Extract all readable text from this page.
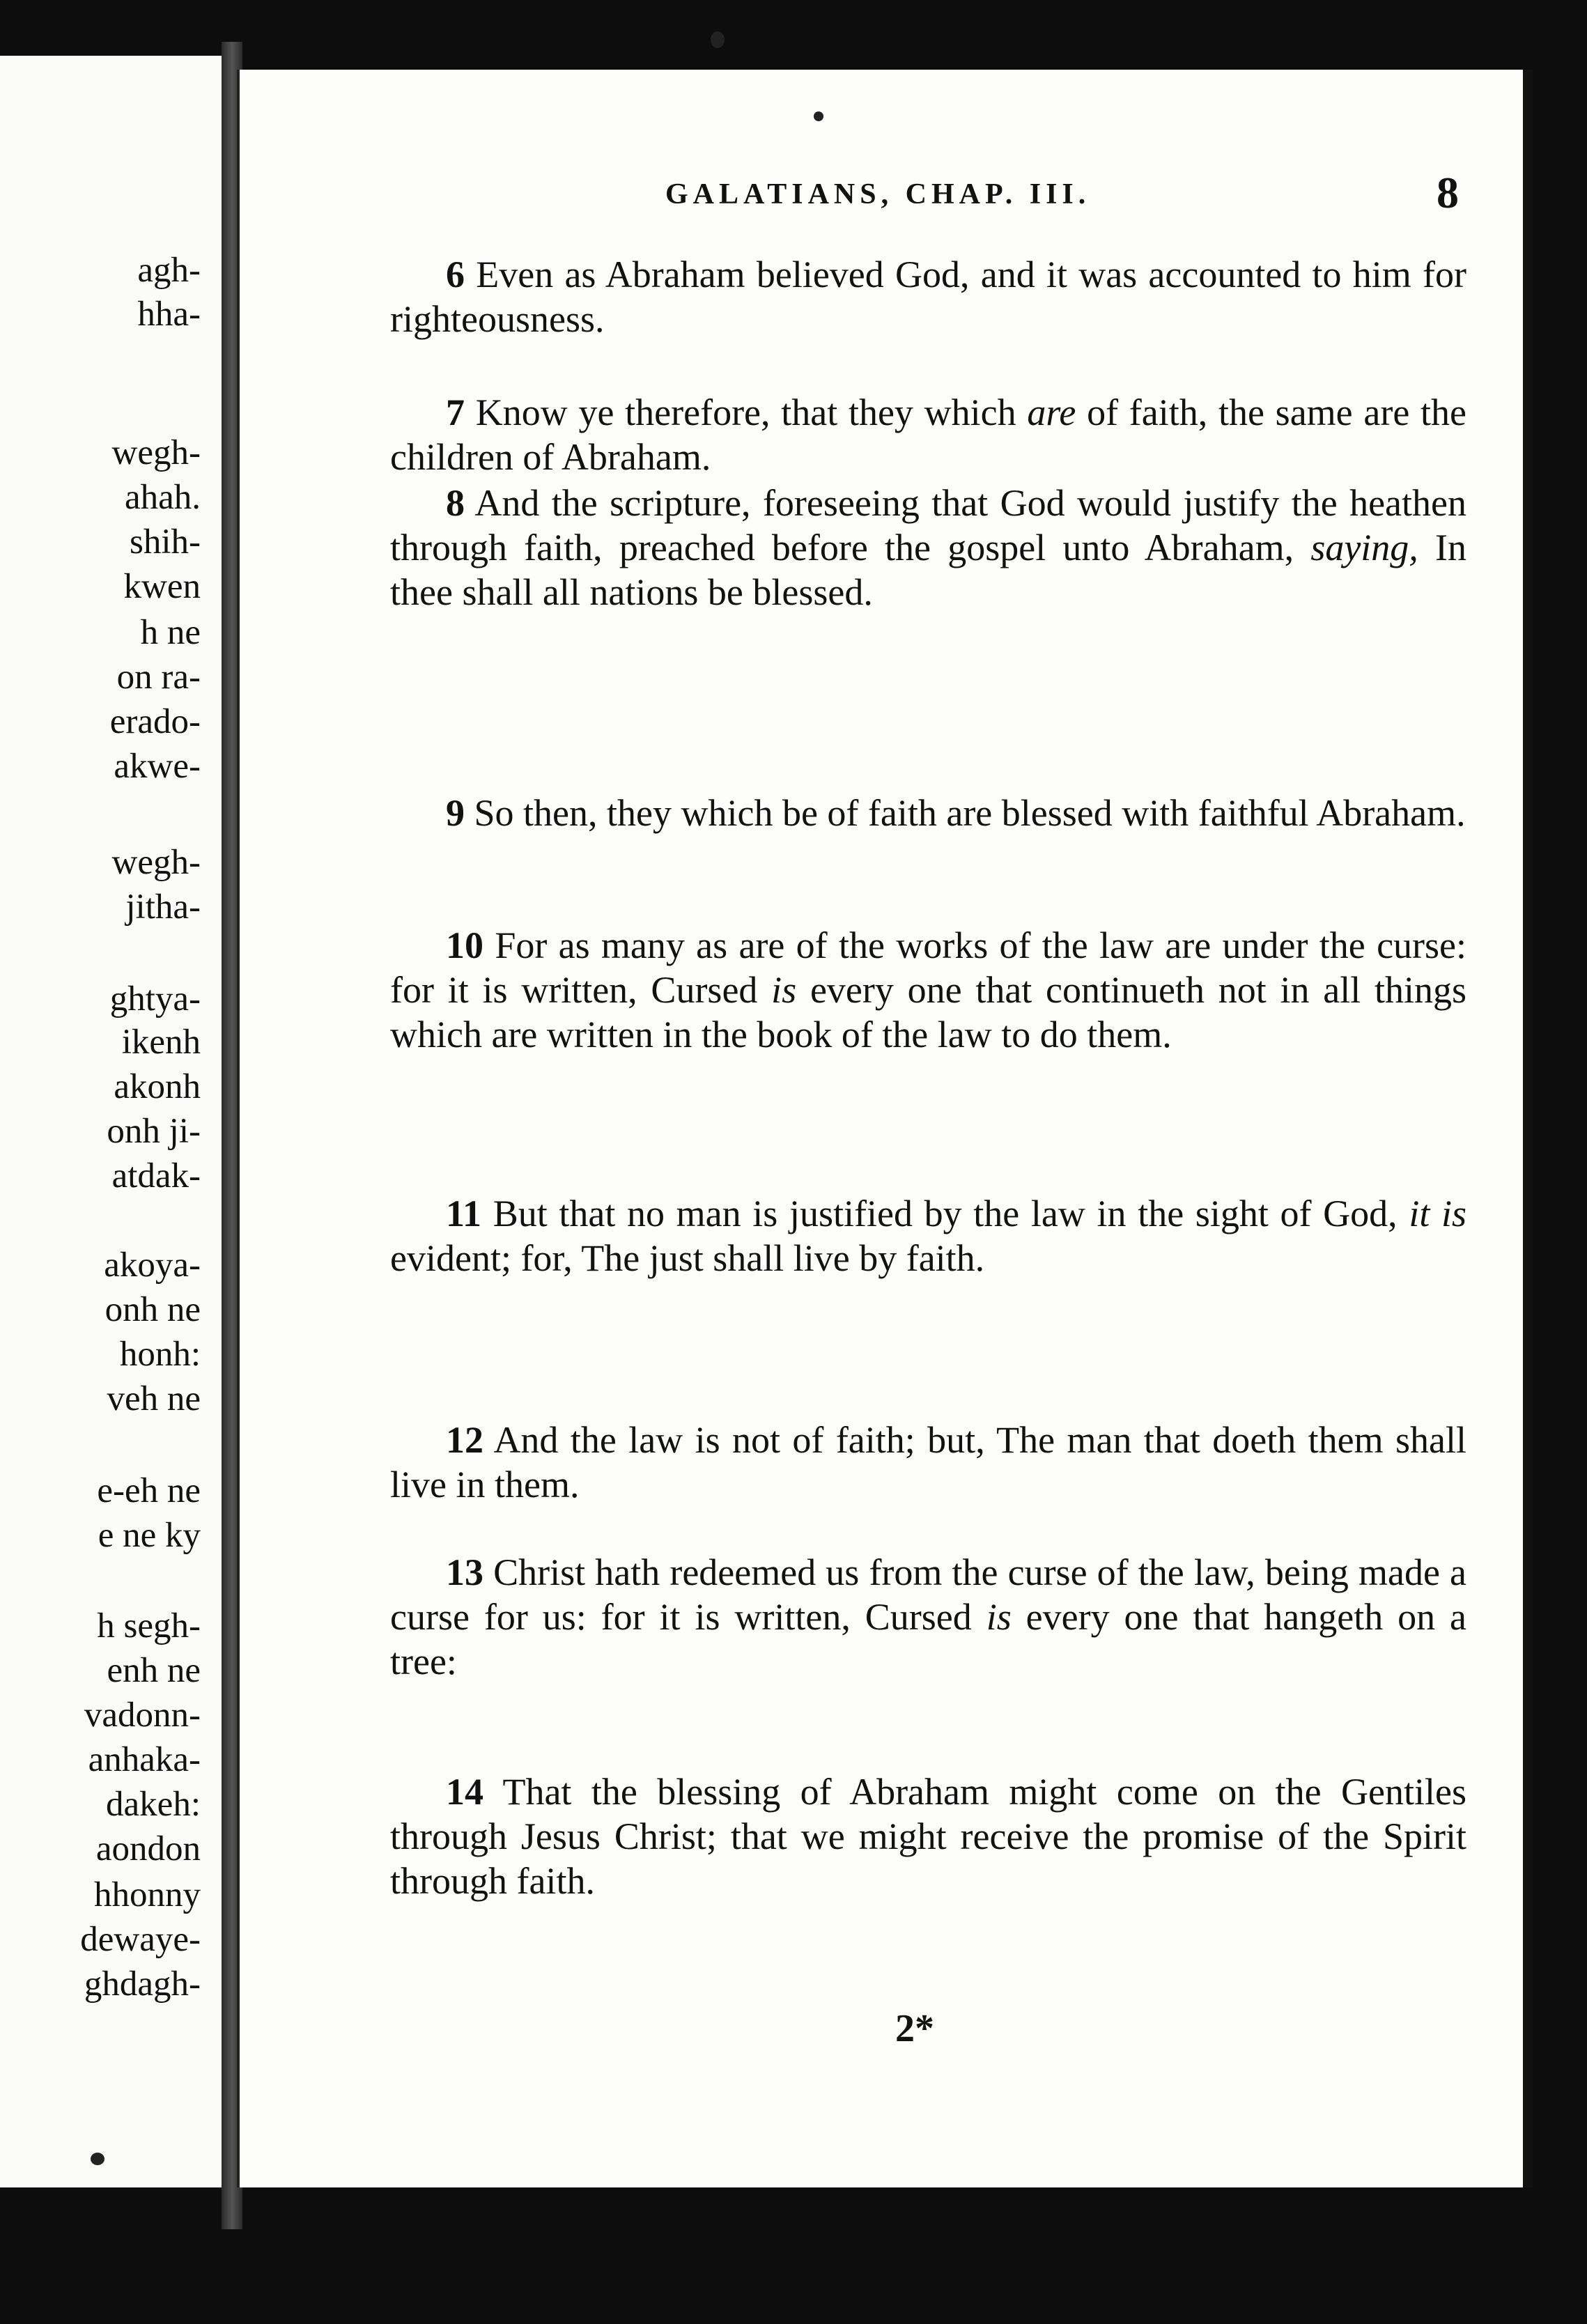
agh-
hha-
wegh-
ahah.
shih-
kwen
h ne
on ra-
erado-
akwe-
wegh-
jitha-
ghtya-
ikenh
akonh
onh ji-
atdak-
akoya-
onh ne
honh:
veh ne
e-eh ne
e ne ky
h segh-
enh ne
vadonn-
anhaka-
dakeh:
aondon
hhonny
dewaye-
ghdagh-
GALATIANS, CHAP. III.	8
6 Even as Abraham believed God, and it was accounted to him for righteousness.
7 Know ye therefore, that they which are of faith, the same are the children of Abraham.
8 And the scripture, foreseeing that God would justify the heathen through faith, preached before the gospel unto Abraham, saying, In thee shall all nations be blessed.
9 So then, they which be of faith are blessed with faithful Abraham.
10 For as many as are of the works of the law are under the curse: for it is written, Cursed is every one that continueth not in all things which are written in the book of the law to do them.
11 But that no man is justified by the law in the sight of God, it is evident; for, The just shall live by faith.
12 And the law is not of faith; but, The man that doeth them shall live in them.
13 Christ hath redeemed us from the curse of the law, being made a curse for us: for it is written, Cursed is every one that hangeth on a tree:
14 That the blessing of Abraham might come on the Gentiles through Jesus Christ; that we might receive the promise of the Spirit through faith.
2*
